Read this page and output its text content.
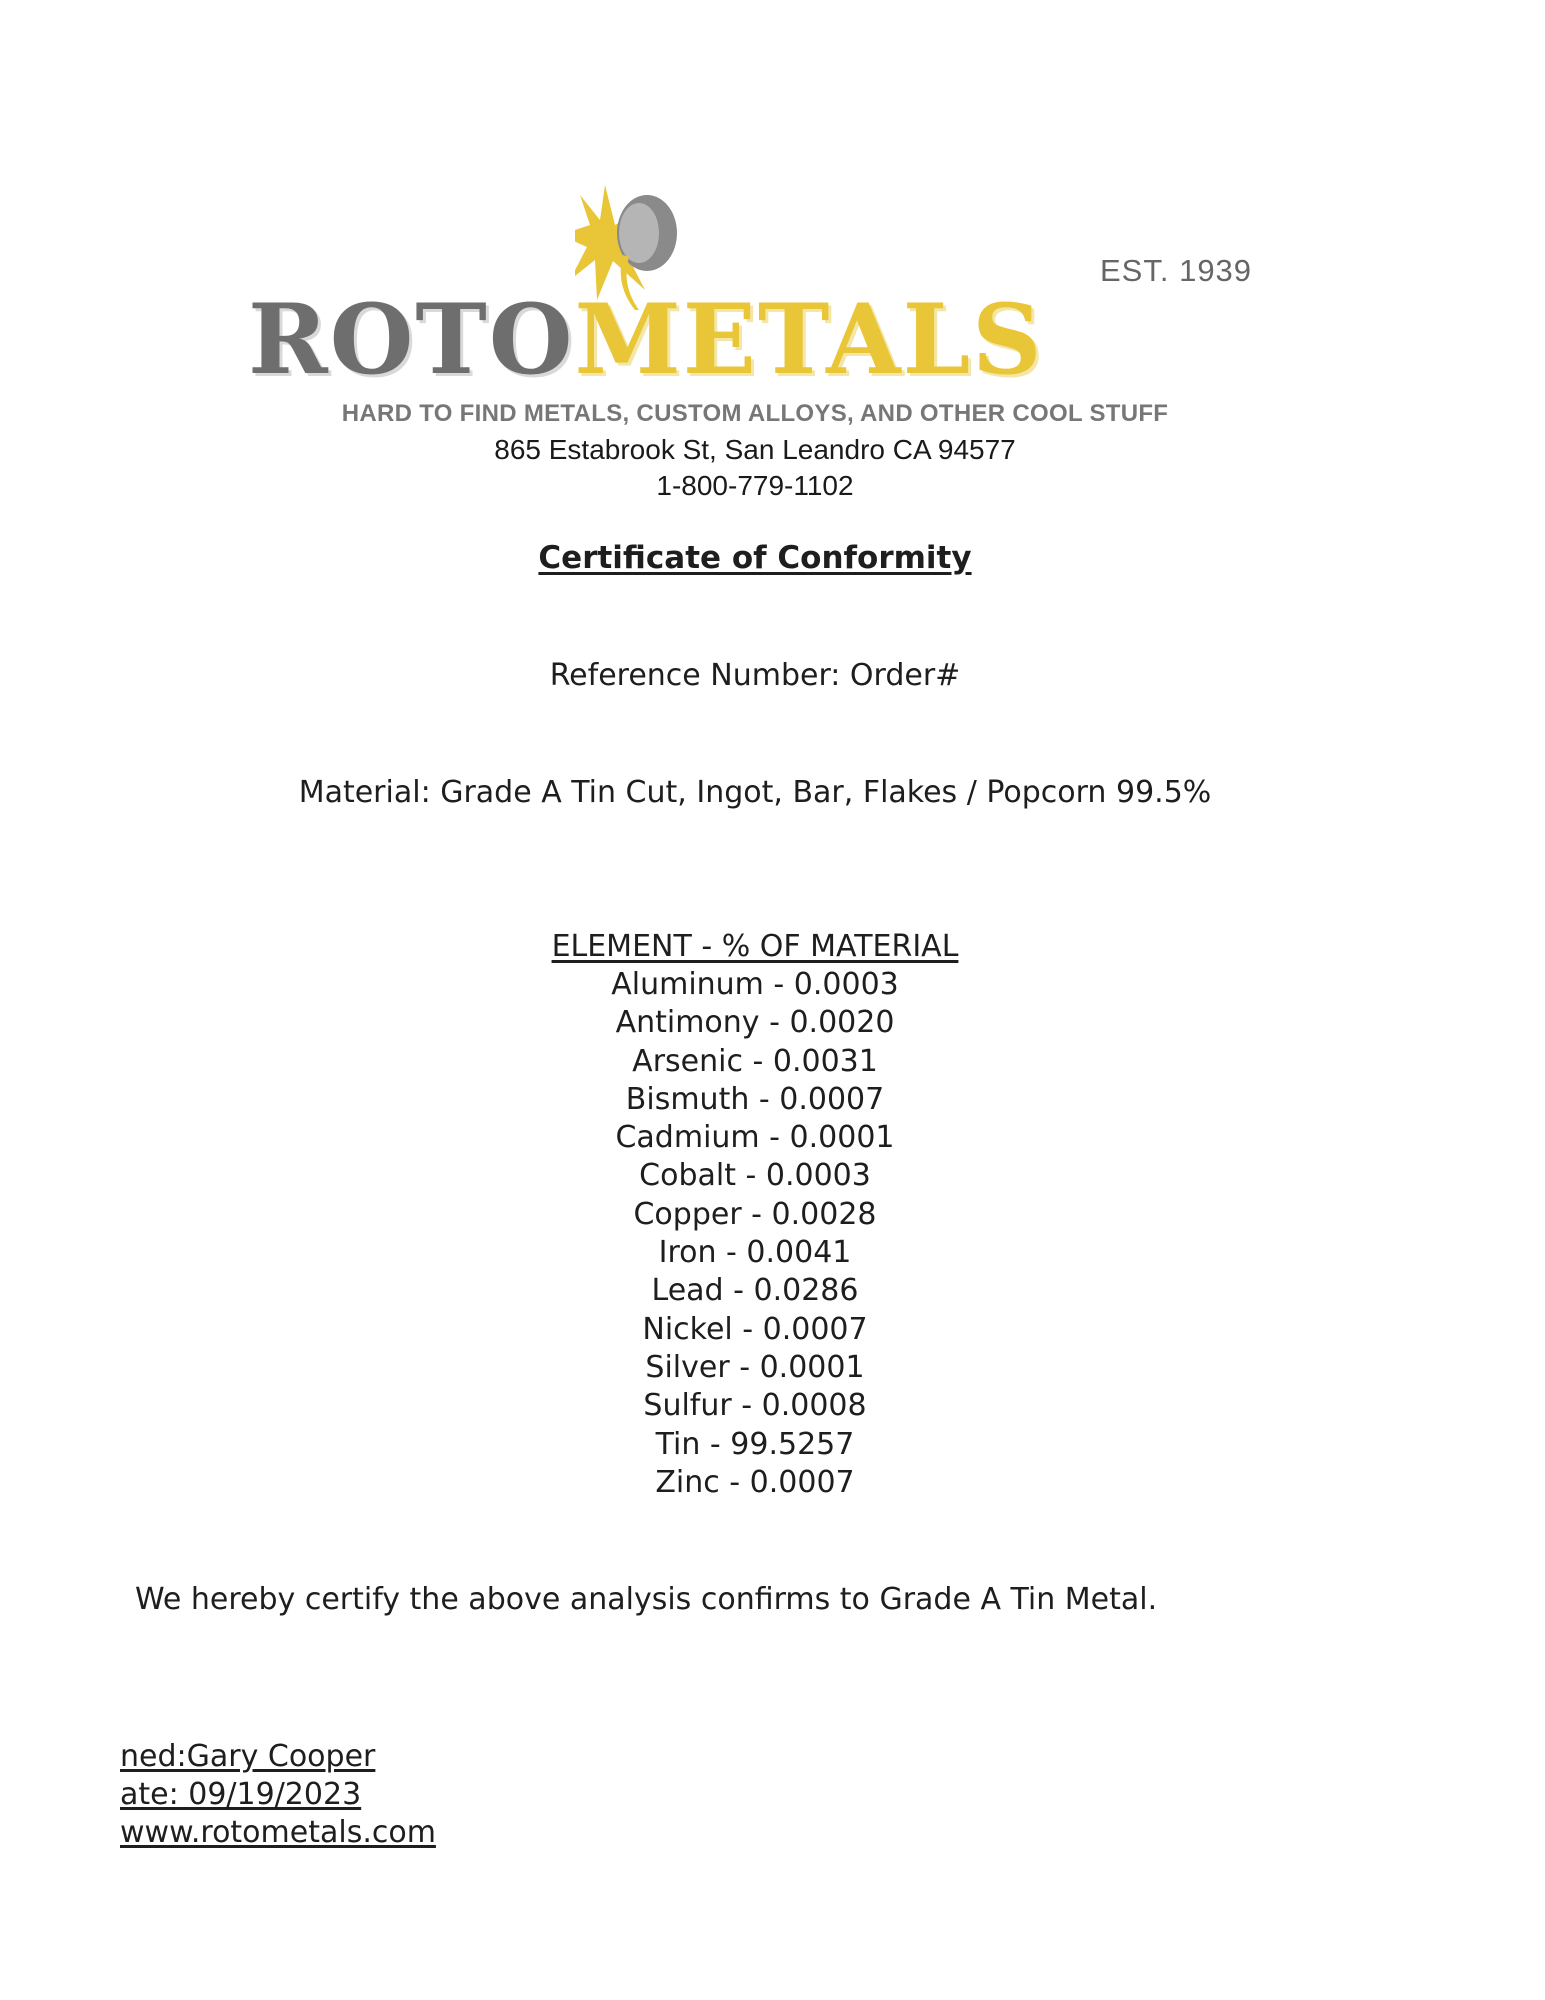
EST. 1939
ROTOMETALS
HARD TO FIND METALS, CUSTOM ALLOYS, AND OTHER COOL STUFF
865 Estabrook St, San Leandro CA 94577
1-800-779-1102
Certificate of Conformity
Reference Number: Order#
Material: Grade A Tin Cut, Ingot, Bar, Flakes / Popcorn 99.5%
ELEMENT - % OF MATERIAL
Aluminum - 0.0003
Antimony - 0.0020
Arsenic - 0.0031
Bismuth - 0.0007
Cadmium - 0.0001
Cobalt - 0.0003
Copper - 0.0028
Iron - 0.0041
Lead - 0.0286
Nickel - 0.0007
Silver - 0.0001
Sulfur - 0.0008
Tin - 99.5257
Zinc - 0.0007
We hereby certify the above analysis confirms to Grade A Tin Metal.
ned:Gary Cooper
ate: 09/19/2023
www.rotometals.com
